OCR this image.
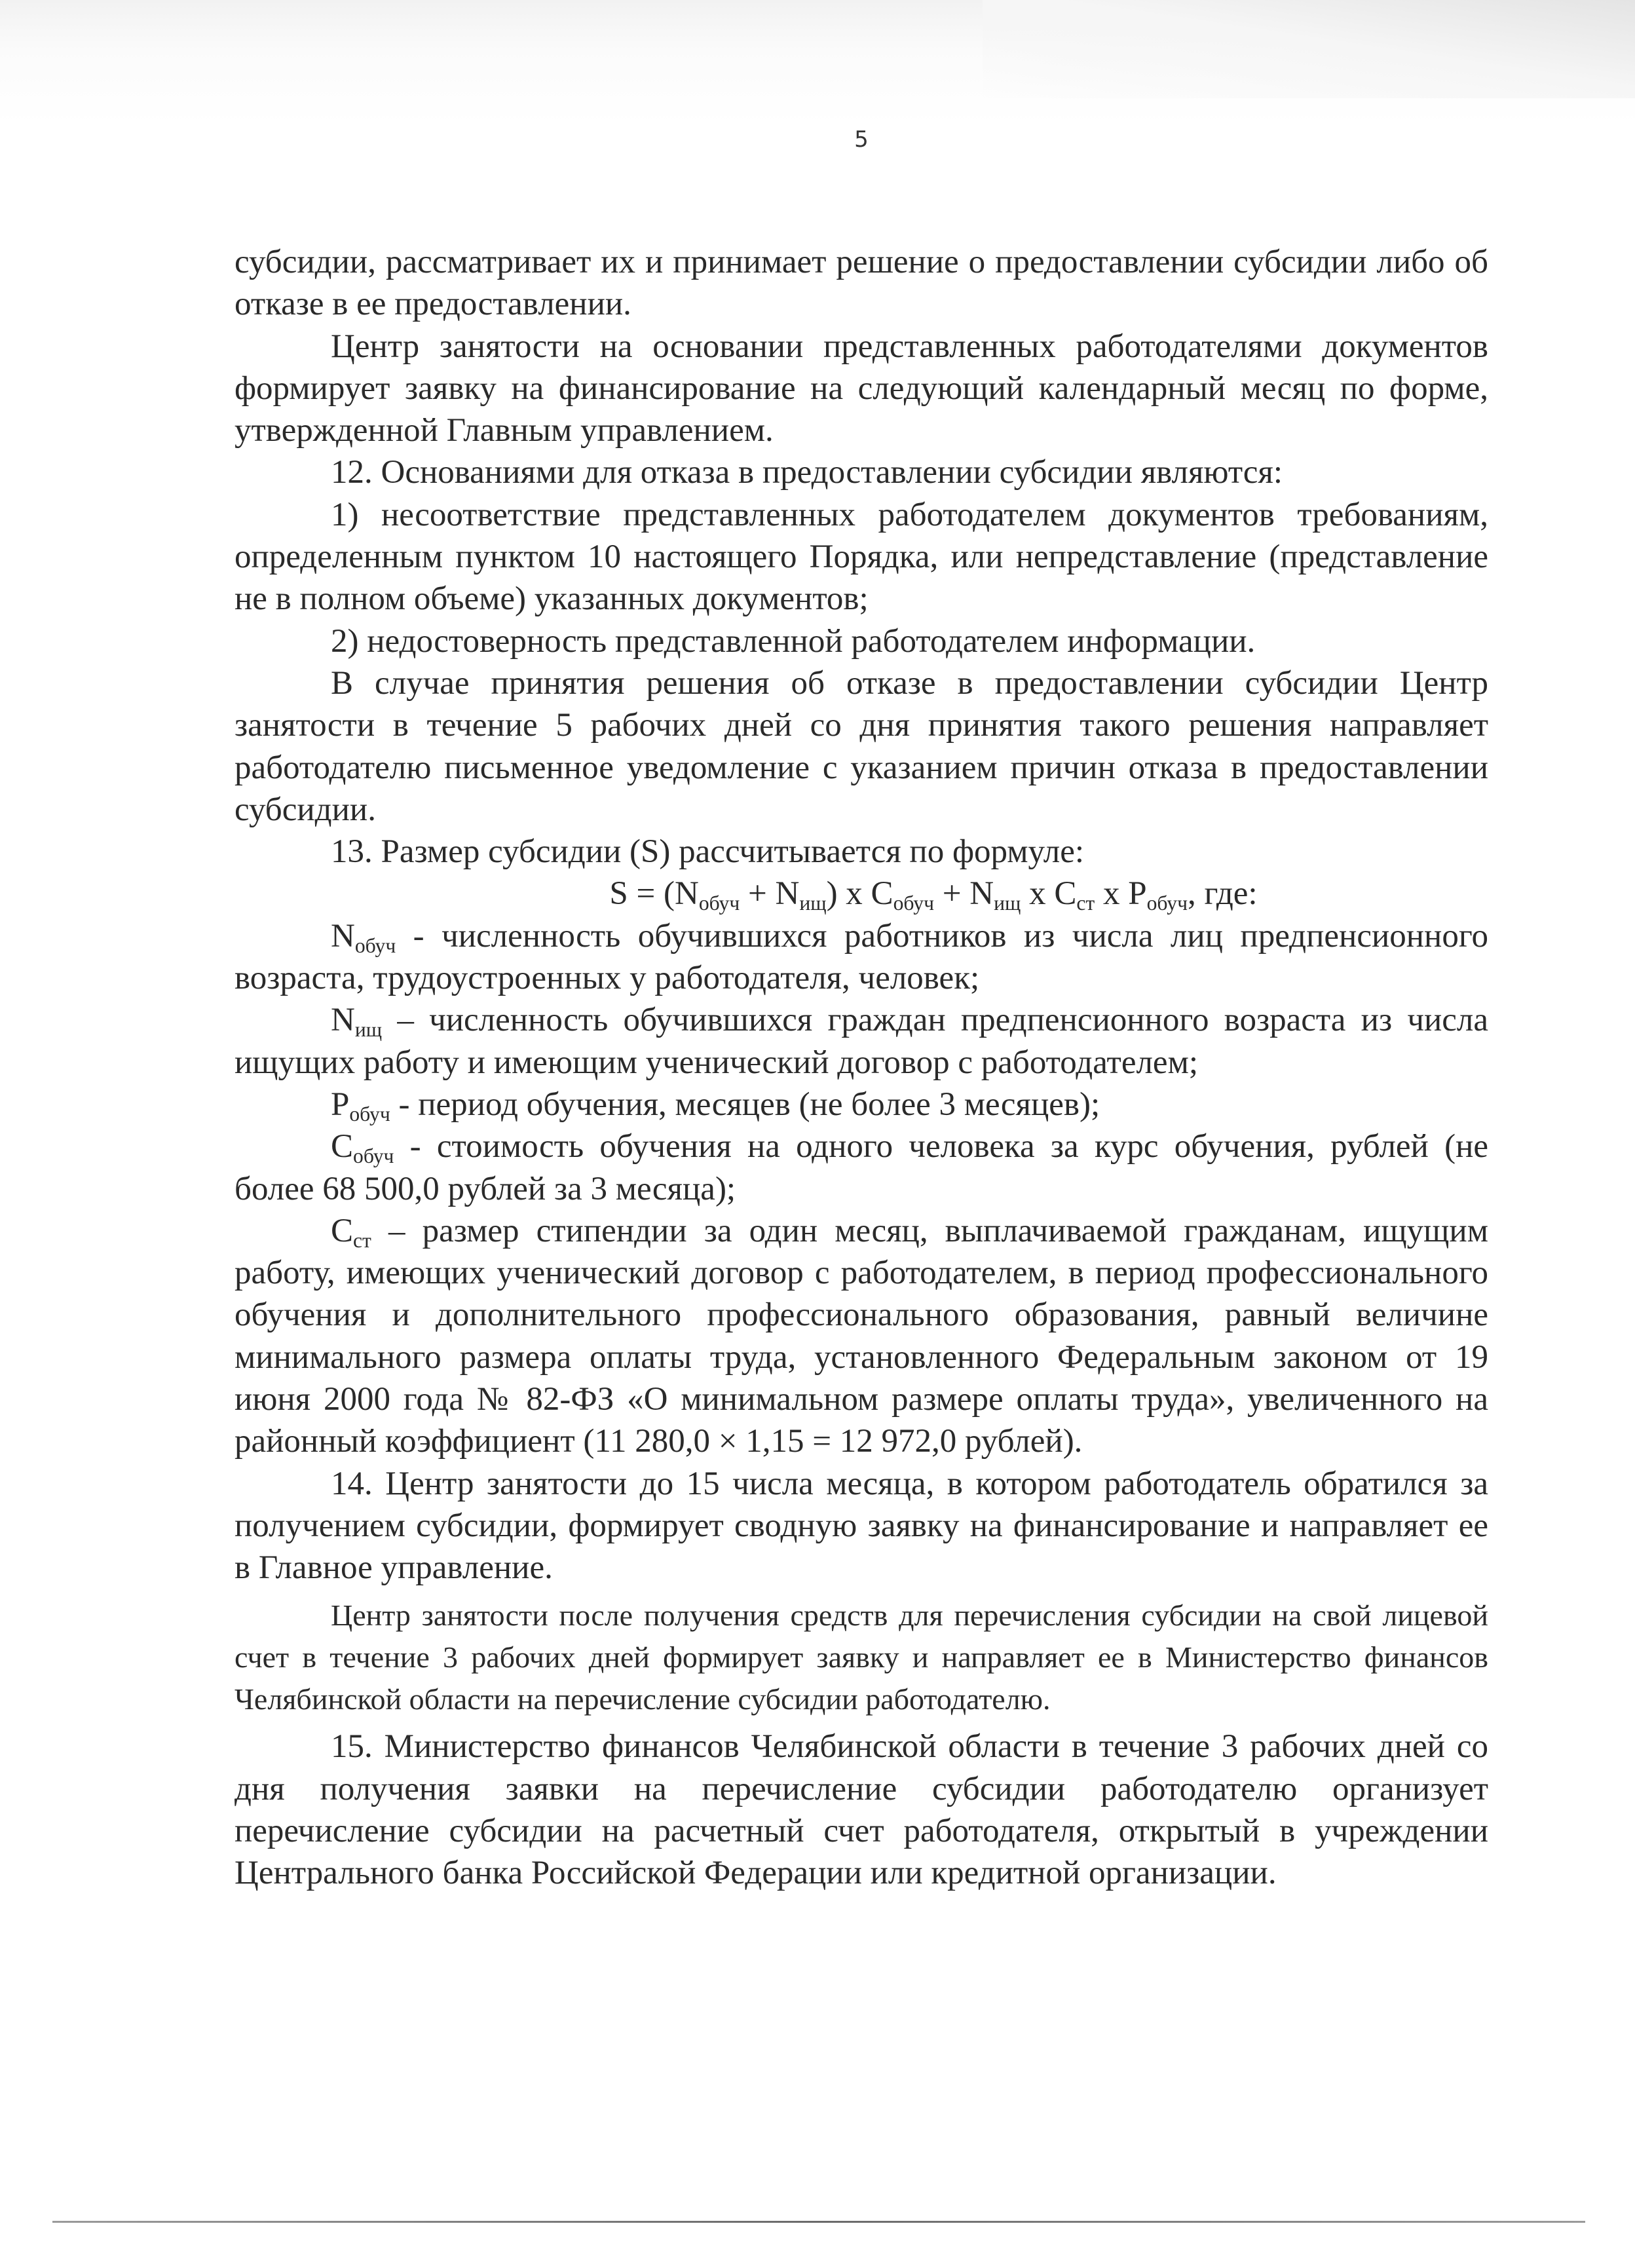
5

субсидии, рассматривает их и принимает решение о предоставлении субсидии либо об отказе в ее предоставлении.

Центр занятости на основании представленных работодателями документов формирует заявку на финансирование на следующий календарный месяц по форме, утвержденной Главным управлением.

12. Основаниями для отказа в предоставлении субсидии являются:

1) несоответствие представленных работодателем документов требованиям, определенным пунктом 10 настоящего Порядка, или непредставление (представление не в полном объеме) указанных документов;

2) недостоверность представленной работодателем информации.

В случае принятия решения об отказе в предоставлении субсидии Центр занятости в течение 5 рабочих дней со дня принятия такого решения направляет работодателю письменное уведомление с указанием причин отказа в предоставлении субсидии.

13. Размер субсидии (S) рассчитывается по формуле:

$S = (N_{обуч} + N_{ищ})$ х $С_{обуч} + N_{ищ}$ х $С_{ст}$ х $P_{обуч}$, где:

$N_{обуч}$ - численность обучившихся работников из числа лиц предпенсионного возраста, трудоустроенных у работодателя, человек;

$N_{ищ}$ – численность обучившихся граждан предпенсионного возраста из числа ищущих работу и имеющим ученический договор с работодателем;

$P_{обуч}$ - период обучения, месяцев (не более 3 месяцев);

$С_{обуч}$ - стоимость обучения на одного человека за курс обучения, рублей (не более 68 500,0 рублей за 3 месяца);

$С_{ст}$ – размер стипендии за один месяц, выплачиваемой гражданам, ищущим работу, имеющих ученический договор с работодателем, в период профессионального обучения и дополнительного профессионального образования, равный величине минимального размера оплаты труда, установленного Федеральным законом от 19 июня 2000 года № 82-ФЗ «О минимальном размере оплаты труда», увеличенного на районный коэффициент (11 280,0 × 1,15 = 12 972,0 рублей).

14. Центр занятости до 15 числа месяца, в котором работодатель обратился за получением субсидии, формирует сводную заявку на финансирование и направляет ее в Главное управление.

Центр занятости после получения средств для перечисления субсидии на свой лицевой счет в течение 3 рабочих дней формирует заявку и направляет ее в Министерство финансов Челябинской области на перечисление субсидии работодателю.

15. Министерство финансов Челябинской области в течение 3 рабочих дней со дня получения заявки на перечисление субсидии работодателю организует перечисление субсидии на расчетный счет работодателя, открытый в учреждении Центрального банка Российской Федерации или кредитной организации.
